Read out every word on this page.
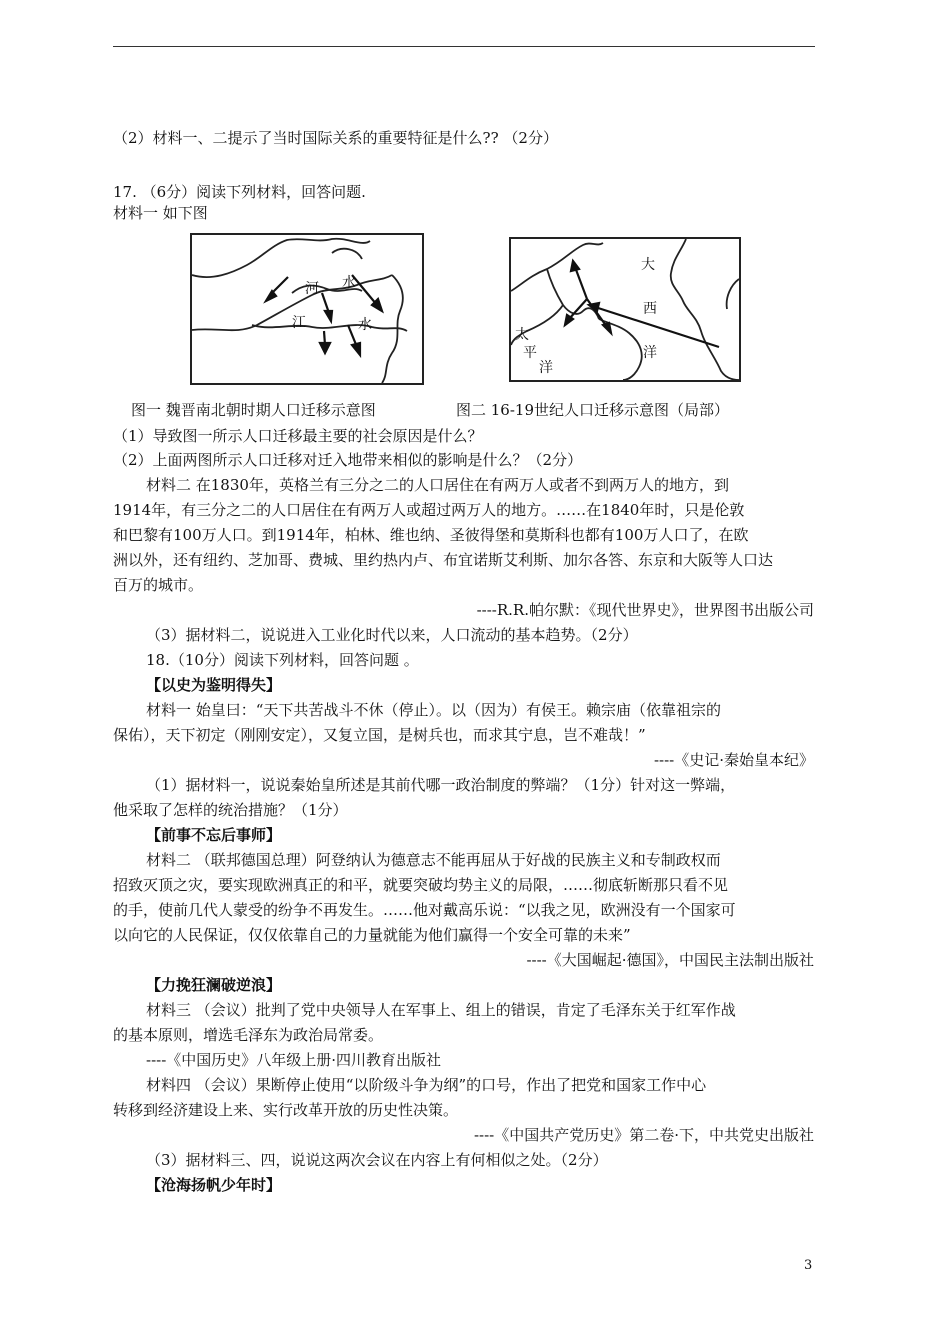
（2）材料一、二提示了当时国际关系的重要特征是什么?? （2分）
17. （6分）阅读下列材料，回答问题.
材料一 如下图
河 水
江	水
大
西
洋
太
平
洋
图一 魏晋南北朝时期人口迁移示意图	图二 16-19世纪人口迁移示意图（局部）
（1）导致图一所示人口迁移最主要的社会原因是什么？
（2）上面两图所示人口迁移对迁入地带来相似的影响是什么？（2分）
材料二 在1830年，英格兰有三分之二的人口居住在有两万人或者不到两万人的地方，到
1914年，有三分之二的人口居住在有两万人或超过两万人的地方。……在1840年时，只是伦敦
和巴黎有100万人口。到1914年，柏林、维也纳、圣彼得堡和莫斯科也都有100万人口了，在欧
洲以外，还有纽约、芝加哥、费城、里约热内卢、布宜诺斯艾利斯、加尔各答、东京和大阪等人口达
百万的城市。
----R.R.帕尔默：《现代世界史》，世界图书出版公司
（3）据材料二，说说进入工业化时代以来，人口流动的基本趋势。（2分）
18.（10分）阅读下列材料，回答问题 。
【以史为鉴明得失】
材料一 始皇曰：“天下共苦战斗不休（停止）。以（因为）有侯王。赖宗庙（依靠祖宗的
保佑），天下初定（刚刚安定），又复立国，是树兵也，而求其宁息，岂不难哉！”
----《史记·秦始皇本纪》
（1）据材料一，说说秦始皇所述是其前代哪一政治制度的弊端？（1分）针对这一弊端，
他采取了怎样的统治措施？（1分）
【前事不忘后事师】
材料二 （联邦德国总理）阿登纳认为德意志不能再屈从于好战的民族主义和专制政权而
招致灭顶之灾，要实现欧洲真正的和平，就要突破均势主义的局限，……彻底斩断那只看不见
的手，使前几代人蒙受的纷争不再发生。……他对戴高乐说：“以我之见，欧洲没有一个国家可
以向它的人民保证，仅仅依靠自己的力量就能为他们赢得一个安全可靠的未来”
----《大国崛起·德国》，中国民主法制出版社
【力挽狂澜破逆浪】
材料三 （会议）批判了党中央领导人在军事上、组上的错误，肯定了毛泽东关于红军作战
的基本原则，增选毛泽东为政治局常委。
----《中国历史》八年级上册·四川教育出版社
材料四 （会议）果断停止使用“以阶级斗争为纲”的口号，作出了把党和国家工作中心
转移到经济建设上来、实行改革开放的历史性决策。
----《中国共产党历史》第二卷·下，中共党史出版社
（3）据材料三、四，说说这两次会议在内容上有何相似之处。（2分）
【沧海扬帆少年时】
3
